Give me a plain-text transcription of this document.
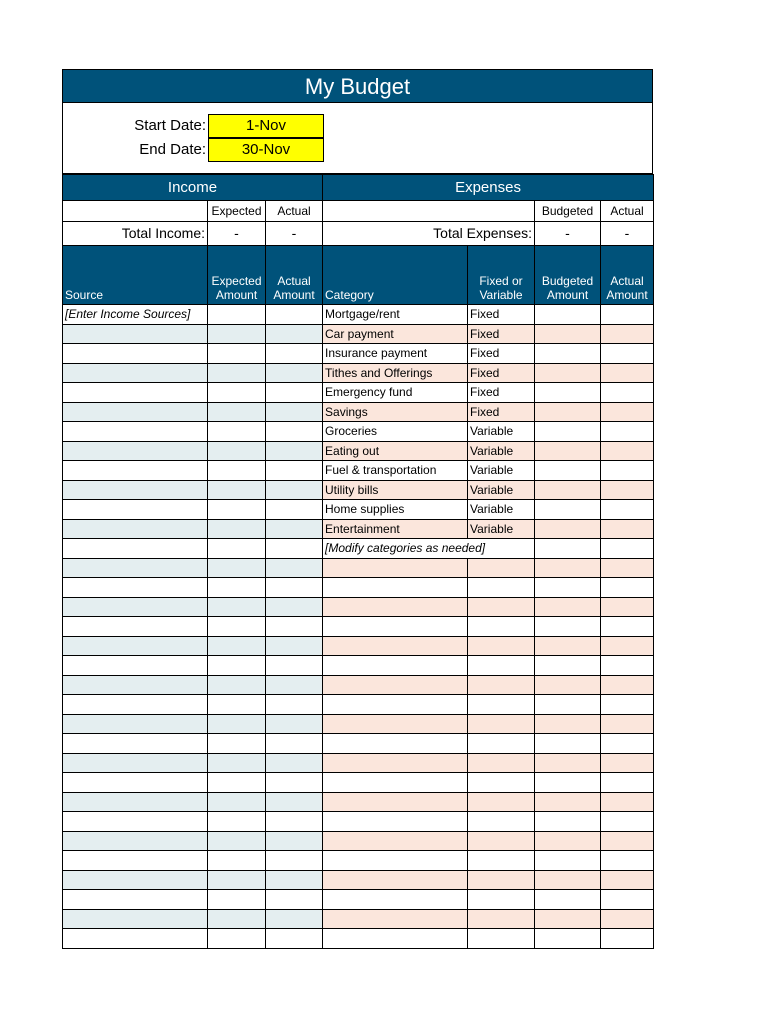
My Budget
Start Date:	1-Nov
End Date:	30-Nov
Income			Expenses			
	Expected	Actual			Budgeted	Actual
Total Income:	-	-	Total Expenses:		-	-
Source	Expected Amount	Actual Amount	Category	Fixed or Variable	Budgeted Amount	Actual Amount

[Enter Income Sources]			Mortgage/rent	Fixed		
			Car payment	Fixed		
			Insurance payment	Fixed		
			Tithes and Offerings	Fixed		
			Emergency fund	Fixed		
			Savings	Fixed		
			Groceries	Variable		
			Eating out	Variable		
			Fuel & transportation	Variable		
			Utility bills	Variable		
			Home supplies	Variable		
			Entertainment	Variable		
			[Modify categories as needed]			
